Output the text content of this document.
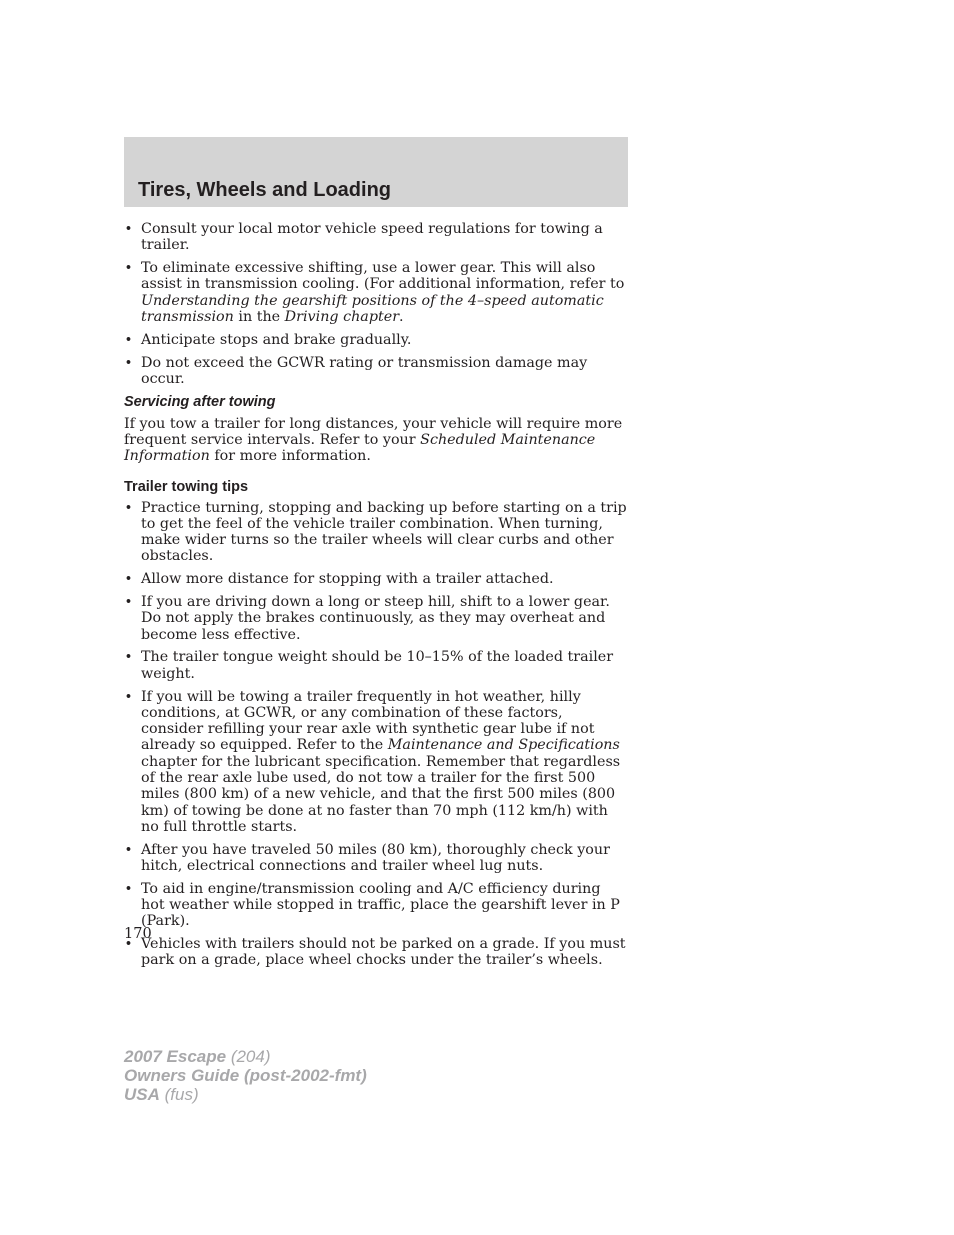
Tires, Wheels and Loading
• Consult your local motor vehicle speed regulations for towing a trailer.
• To eliminate excessive shifting, use a lower gear. This will also assist in transmission cooling. (For additional information, refer to Understanding the gearshift positions of the 4–speed automatic transmission in the Driving chapter.
• Anticipate stops and brake gradually.
• Do not exceed the GCWR rating or transmission damage may occur.
Servicing after towing

If you tow a trailer for long distances, your vehicle will require more frequent service intervals. Refer to your Scheduled Maintenance Information for more information.

Trailer towing tips
• Practice turning, stopping and backing up before starting on a trip to get the feel of the vehicle trailer combination. When turning, make wider turns so the trailer wheels will clear curbs and other obstacles.
• Allow more distance for stopping with a trailer attached.
• If you are driving down a long or steep hill, shift to a lower gear. Do not apply the brakes continuously, as they may overheat and become less effective.
• The trailer tongue weight should be 10–15% of the loaded trailer weight.
• If you will be towing a trailer frequently in hot weather, hilly conditions, at GCWR, or any combination of these factors, consider refilling your rear axle with synthetic gear lube if not already so equipped. Refer to the Maintenance and Specifications chapter for the lubricant specification. Remember that regardless of the rear axle lube used, do not tow a trailer for the first 500 miles (800 km) of a new vehicle, and that the first 500 miles (800 km) of towing be done at no faster than 70 mph (112 km/h) with no full throttle starts.
• After you have traveled 50 miles (80 km), thoroughly check your hitch, electrical connections and trailer wheel lug nuts.
• To aid in engine/transmission cooling and A/C efficiency during hot weather while stopped in traffic, place the gearshift lever in P (Park).
• Vehicles with trailers should not be parked on a grade. If you must park on a grade, place wheel chocks under the trailer’s wheels.
170
2007 Escape (204)
Owners Guide (post-2002-fmt)
USA (fus)
